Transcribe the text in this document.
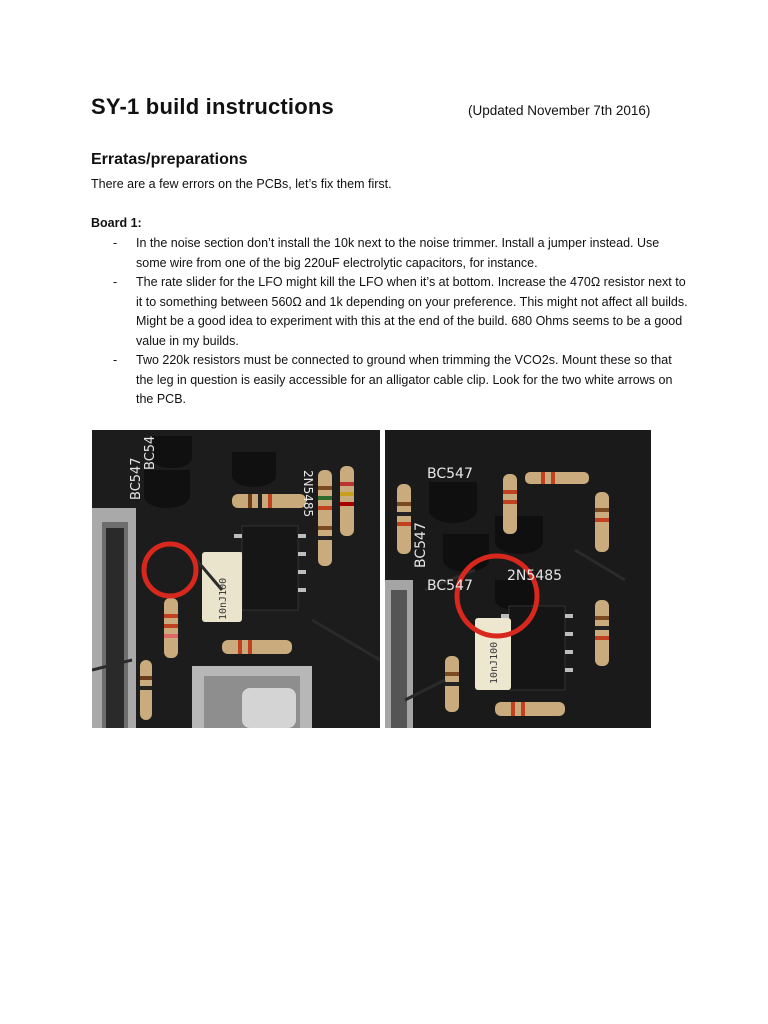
SY-1 build instructions	(Updated November 7th 2016)
Erratas/preparations
There are a few errors on the PCBs, let’s fix them first.
Board 1:
- In the noise section don’t install the 10k next to the noise trimmer. Install a jumper instead. Use some wire from one of the big 220uF electrolytic capacitors, for instance.
- The rate slider for the LFO might kill the LFO when it’s at bottom. Increase the 470Ω resistor next to it to something between 560Ω and 1k depending on your preference. This might not affect all builds. Might be a good idea to experiment with this at the end of the build. 680 Ohms seems to be a good value in my builds.
- Two 220k resistors must be connected to ground when trimming the VCO2s. Mount these so that the leg in question is easily accessible for an alligator cable clip. Look for the two white arrows on the PCB.
BC547
BC54
2N5485
10nJ100
BC547
BC547
BC547
2N5485
10nJ100
